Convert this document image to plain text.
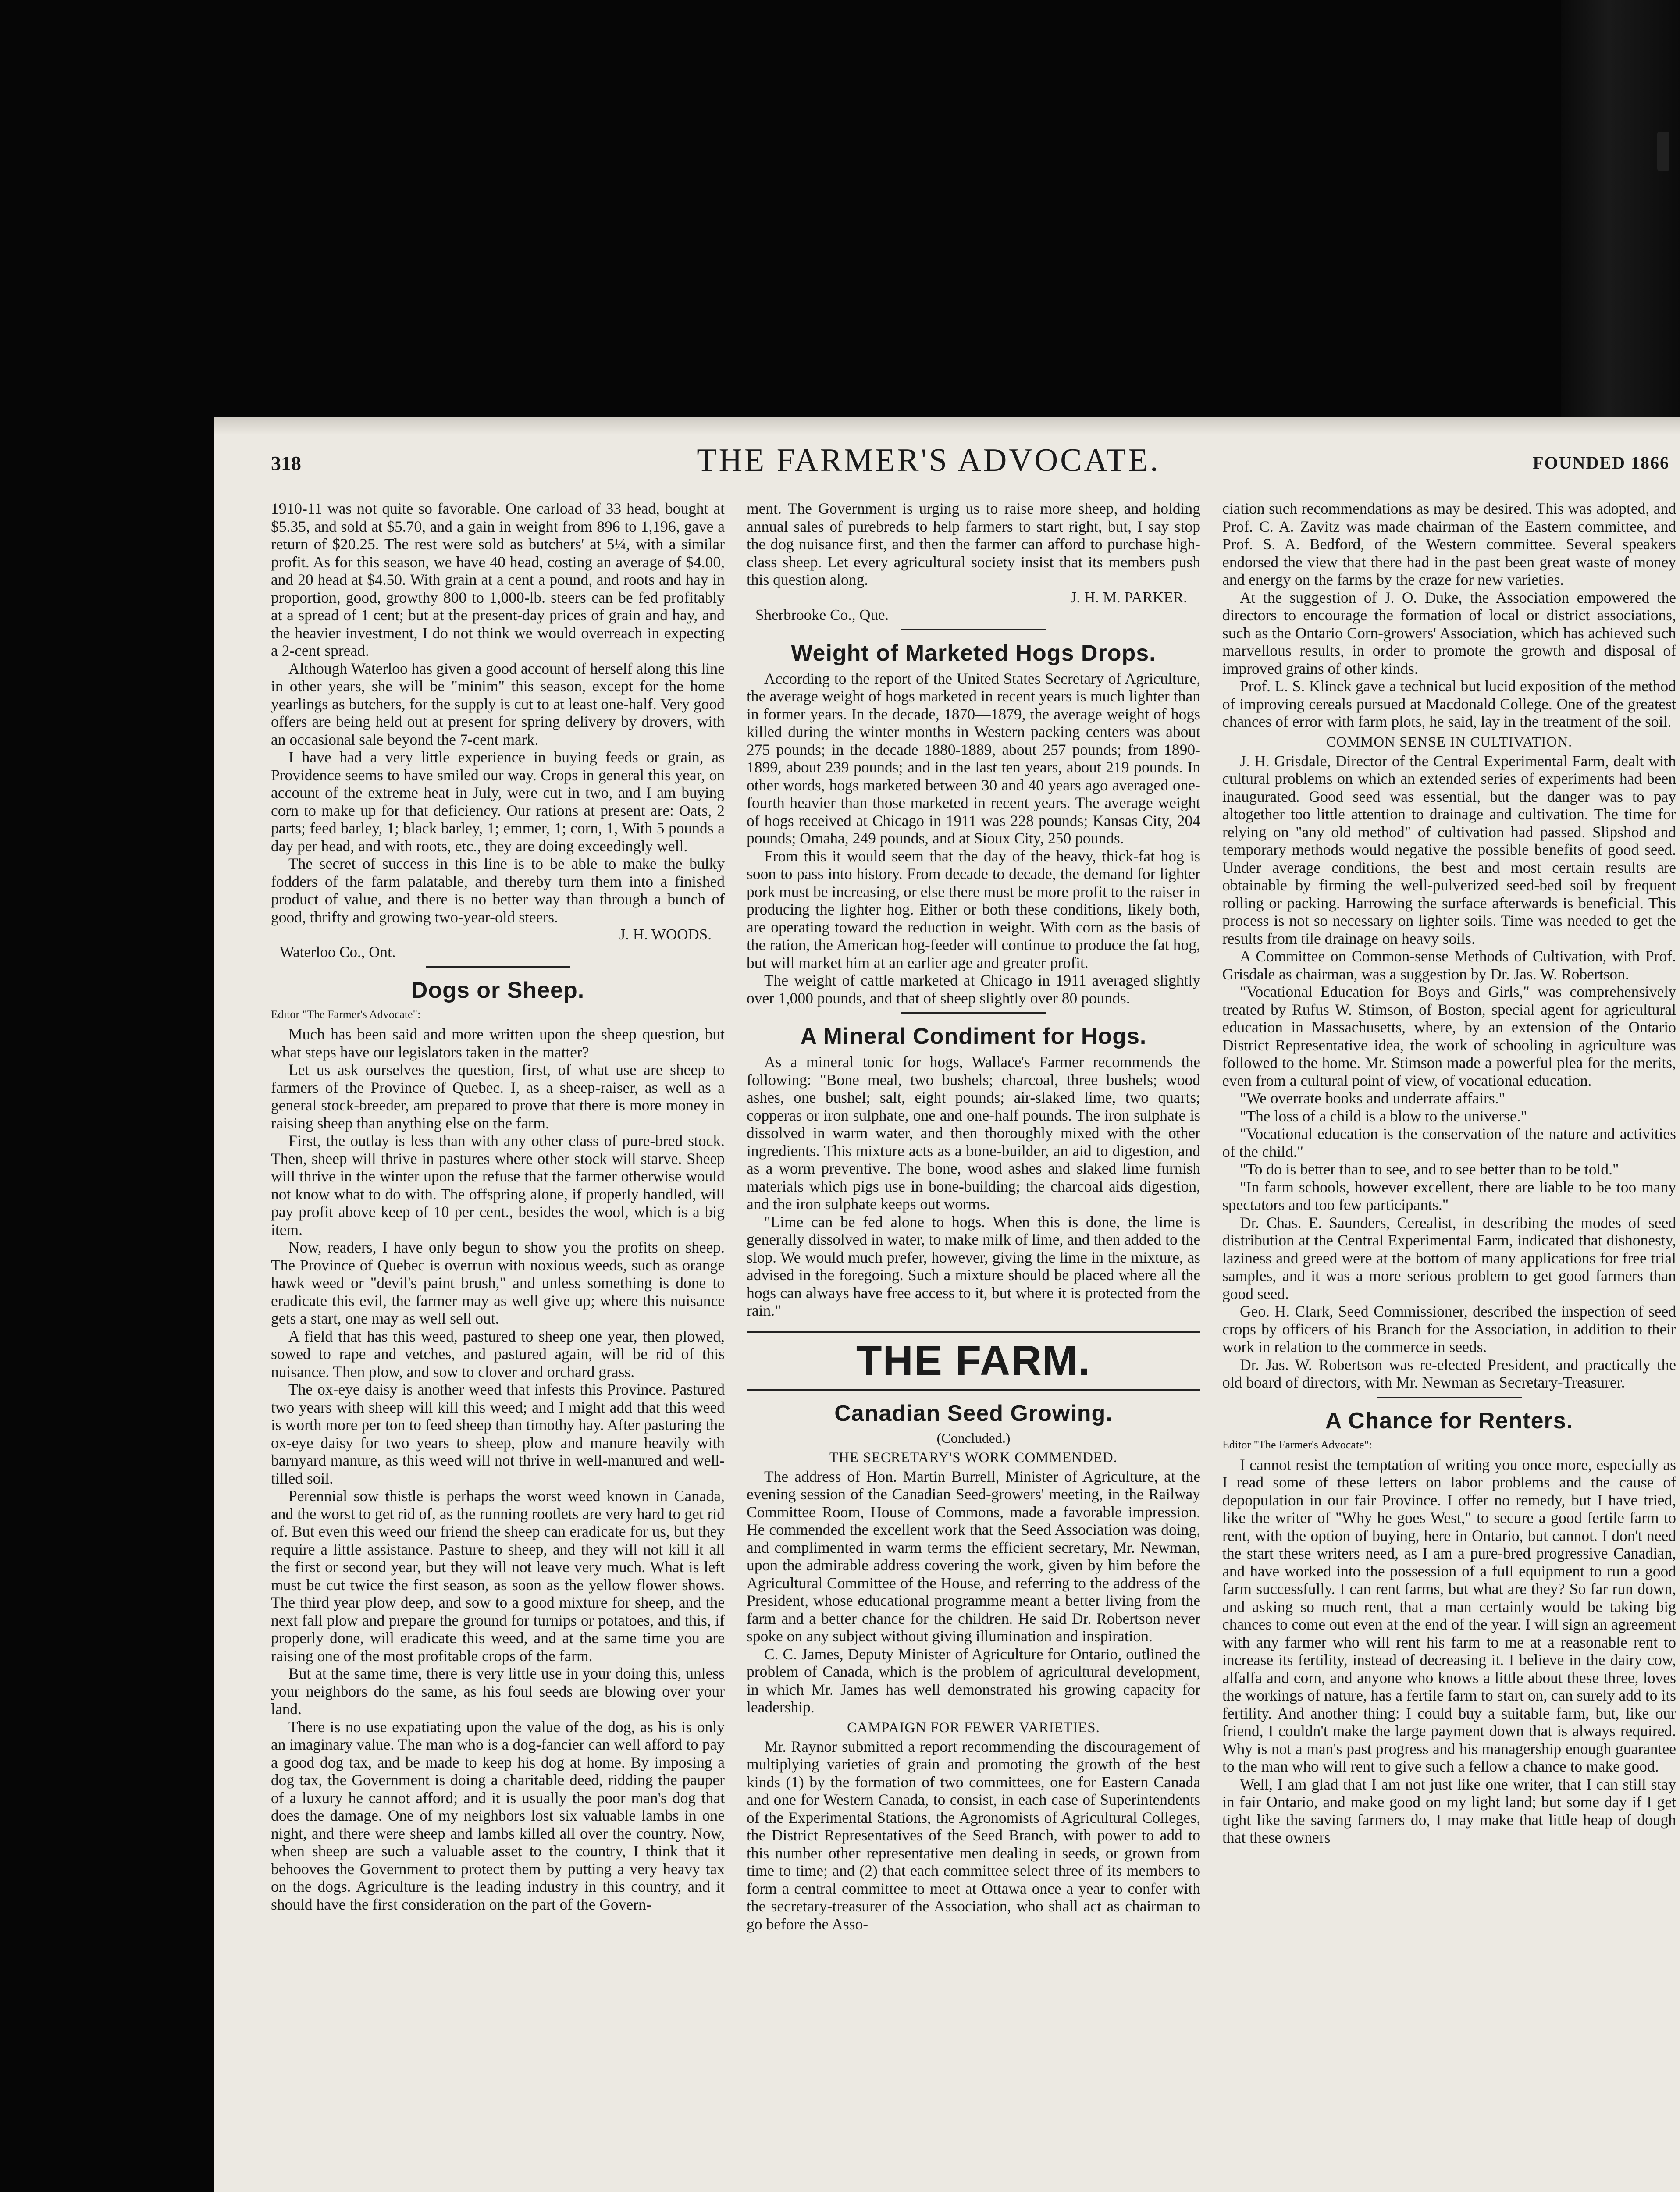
318	THE FARMER'S ADVOCATE.	FOUNDED 1866

1910-11 was not quite so favorable. One carload of 33 head, bought at $5.35, and sold at $5.70, and a gain in weight from 896 to 1,196, gave a return of $20.25. The rest were sold as butchers' at 5¼, with a similar profit. As for this season, we have 40 head, costing an average of $4.00, and 20 head at $4.50. With grain at a cent a pound, and roots and hay in proportion, good, growthy 800 to 1,000-lb. steers can be fed profitably at a spread of 1 cent; but at the present-day prices of grain and hay, and the heavier investment, I do not think we would overreach in expecting a 2-cent spread.

Although Waterloo has given a good account of herself along this line in other years, she will be "minim" this season, except for the home yearlings as butchers, for the supply is cut to at least one-half. Very good offers are being held out at present for spring delivery by drovers, with an occasional sale beyond the 7-cent mark.

I have had a very little experience in buying feeds or grain, as Providence seems to have smiled our way. Crops in general this year, on account of the extreme heat in July, were cut in two, and I am buying corn to make up for that deficiency. Our rations at present are: Oats, 2 parts; feed barley, 1; black barley, 1; emmer, 1; corn, 1, With 5 pounds a day per head, and with roots, etc., they are doing exceedingly well.

The secret of success in this line is to be able to make the bulky fodders of the farm palatable, and thereby turn them into a finished product of value, and there is no better way than through a bunch of good, thrifty and growing two-year-old steers.

J. H. WOODS.
Waterloo Co., Ont.
Dogs or Sheep.
Editor "The Farmer's Advocate":

Much has been said and more written upon the sheep question, but what steps have our legislators taken in the matter?

Let us ask ourselves the question, first, of what use are sheep to farmers of the Province of Quebec. I, as a sheep-raiser, as well as a general stock-breeder, am prepared to prove that there is more money in raising sheep than anything else on the farm.

First, the outlay is less than with any other class of pure-bred stock. Then, sheep will thrive in pastures where other stock will starve. Sheep will thrive in the winter upon the refuse that the farmer otherwise would not know what to do with. The offspring alone, if properly handled, will pay profit above keep of 10 per cent., besides the wool, which is a big item.

Now, readers, I have only begun to show you the profits on sheep. The Province of Quebec is overrun with noxious weeds, such as orange hawk weed or "devil's paint brush," and unless something is done to eradicate this evil, the farmer may as well give up; where this nuisance gets a start, one may as well sell out.

A field that has this weed, pastured to sheep one year, then plowed, sowed to rape and vetches, and pastured again, will be rid of this nuisance. Then plow, and sow to clover and orchard grass.

The ox-eye daisy is another weed that infests this Province. Pastured two years with sheep will kill this weed; and I might add that this weed is worth more per ton to feed sheep than timothy hay. After pasturing the ox-eye daisy for two years to sheep, plow and manure heavily with barnyard manure, as this weed will not thrive in well-manured and well-tilled soil.

Perennial sow thistle is perhaps the worst weed known in Canada, and the worst to get rid of, as the running rootlets are very hard to get rid of. But even this weed our friend the sheep can eradicate for us, but they require a little assistance. Pasture to sheep, and they will not kill it all the first or second year, but they will not leave very much. What is left must be cut twice the first season, as soon as the yellow flower shows. The third year plow deep, and sow to a good mixture for sheep, and the next fall plow and prepare the ground for turnips or potatoes, and this, if properly done, will eradicate this weed, and at the same time you are raising one of the most profitable crops of the farm.

But at the same time, there is very little use in your doing this, unless your neighbors do the same, as his foul seeds are blowing over your land.

There is no use expatiating upon the value of the dog, as his is only an imaginary value. The man who is a dog-fancier can well afford to pay a good dog tax, and be made to keep his dog at home. By imposing a dog tax, the Government is doing a charitable deed, ridding the pauper of a luxury he cannot afford; and it is usually the poor man's dog that does the damage. One of my neighbors lost six valuable lambs in one night, and there were sheep and lambs killed all over the country. Now, when sheep are such a valuable asset to the country, I think that it behooves the Government to protect them by putting a very heavy tax on the dogs. Agriculture is the leading industry in this country, and it should have the first consideration on the part of the Govern-

ment. The Government is urging us to raise more sheep, and holding annual sales of purebreds to help farmers to start right, but, I say stop the dog nuisance first, and then the farmer can afford to purchase high-class sheep. Let every agricultural society insist that its members push this question along.

J. H. M. PARKER.
Sherbrooke Co., Que.
Weight of Marketed Hogs Drops.

According to the report of the United States Secretary of Agriculture, the average weight of hogs marketed in recent years is much lighter than in former years. In the decade, 1870—1879, the average weight of hogs killed during the winter months in Western packing centers was about 275 pounds; in the decade 1880-1889, about 257 pounds; from 1890-1899, about 239 pounds; and in the last ten years, about 219 pounds. In other words, hogs marketed between 30 and 40 years ago averaged one-fourth heavier than those marketed in recent years. The average weight of hogs received at Chicago in 1911 was 228 pounds; Kansas City, 204 pounds; Omaha, 249 pounds, and at Sioux City, 250 pounds.

From this it would seem that the day of the heavy, thick-fat hog is soon to pass into history. From decade to decade, the demand for lighter pork must be increasing, or else there must be more profit to the raiser in producing the lighter hog. Either or both these conditions, likely both, are operating toward the reduction in weight. With corn as the basis of the ration, the American hog-feeder will continue to produce the fat hog, but will market him at an earlier age and greater profit.

The weight of cattle marketed at Chicago in 1911 averaged slightly over 1,000 pounds, and that of sheep slightly over 80 pounds.

A Mineral Condiment for Hogs.

As a mineral tonic for hogs, Wallace's Farmer recommends the following: "Bone meal, two bushels; charcoal, three bushels; wood ashes, one bushel; salt, eight pounds; air-slaked lime, two quarts; copperas or iron sulphate, one and one-half pounds. The iron sulphate is dissolved in warm water, and then thoroughly mixed with the other ingredients. This mixture acts as a bone-builder, an aid to digestion, and as a worm preventive. The bone, wood ashes and slaked lime furnish materials which pigs use in bone-building; the charcoal aids digestion, and the iron sulphate keeps out worms.

"Lime can be fed alone to hogs. When this is done, the lime is generally dissolved in water, to make milk of lime, and then added to the slop. We would much prefer, however, giving the lime in the mixture, as advised in the foregoing. Such a mixture should be placed where all the hogs can always have free access to it, but where it is protected from the rain."

THE FARM.
Canadian Seed Growing.
(Concluded.)
THE SECRETARY'S WORK COMMENDED.

The address of Hon. Martin Burrell, Minister of Agriculture, at the evening session of the Canadian Seed-growers' meeting, in the Railway Committee Room, House of Commons, made a favorable impression. He commended the excellent work that the Seed Association was doing, and complimented in warm terms the efficient secretary, Mr. Newman, upon the admirable address covering the work, given by him before the Agricultural Committee of the House, and referring to the address of the President, whose educational programme meant a better living from the farm and a better chance for the children. He said Dr. Robertson never spoke on any subject without giving illumination and inspiration.

C. C. James, Deputy Minister of Agriculture for Ontario, outlined the problem of Canada, which is the problem of agricultural development, in which Mr. James has well demonstrated his growing capacity for leadership.

CAMPAIGN FOR FEWER VARIETIES.

Mr. Raynor submitted a report recommending the discouragement of multiplying varieties of grain and promoting the growth of the best kinds (1) by the formation of two committees, one for Eastern Canada and one for Western Canada, to consist, in each case of Superintendents of the Experimental Stations, the Agronomists of Agricultural Colleges, the District Representatives of the Seed Branch, with power to add to this number other representative men dealing in seeds, or grown from time to time; and (2) that each committee select three of its members to form a central committee to meet at Ottawa once a year to confer with the secretary-treasurer of the Association, who shall act as chairman to go before the Asso-

ciation such recommendations as may be desired. This was adopted, and Prof. C. A. Zavitz was made chairman of the Eastern committee, and Prof. S. A. Bedford, of the Western committee. Several speakers endorsed the view that there had in the past been great waste of money and energy on the farms by the craze for new varieties.

At the suggestion of J. O. Duke, the Association empowered the directors to encourage the formation of local or district associations, such as the Ontario Corn-growers' Association, which has achieved such marvellous results, in order to promote the growth and disposal of improved grains of other kinds.

Prof. L. S. Klinck gave a technical but lucid exposition of the method of improving cereals pursued at Macdonald College. One of the greatest chances of error with farm plots, he said, lay in the treatment of the soil.

COMMON SENSE IN CULTIVATION.

J. H. Grisdale, Director of the Central Experimental Farm, dealt with cultural problems on which an extended series of experiments had been inaugurated. Good seed was essential, but the danger was to pay altogether too little attention to drainage and cultivation. The time for relying on "any old method" of cultivation had passed. Slipshod and temporary methods would negative the possible benefits of good seed. Under average conditions, the best and most certain results are obtainable by firming the well-pulverized seed-bed soil by frequent rolling or packing. Harrowing the surface afterwards is beneficial. This process is not so necessary on lighter soils. Time was needed to get the results from tile drainage on heavy soils.

A Committee on Common-sense Methods of Cultivation, with Prof. Grisdale as chairman, was a suggestion by Dr. Jas. W. Robertson.

"Vocational Education for Boys and Girls," was comprehensively treated by Rufus W. Stimson, of Boston, special agent for agricultural education in Massachusetts, where, by an extension of the Ontario District Representative idea, the work of schooling in agriculture was followed to the home. Mr. Stimson made a powerful plea for the merits, even from a cultural point of view, of vocational education.

"We overrate books and underrate affairs."

"The loss of a child is a blow to the universe."

"Vocational education is the conservation of the nature and activities of the child."

"To do is better than to see, and to see better than to be told."

"In farm schools, however excellent, there are liable to be too many spectators and too few participants."

Dr. Chas. E. Saunders, Cerealist, in describing the modes of seed distribution at the Central Experimental Farm, indicated that dishonesty, laziness and greed were at the bottom of many applications for free trial samples, and it was a more serious problem to get good farmers than good seed.

Geo. H. Clark, Seed Commissioner, described the inspection of seed crops by officers of his Branch for the Association, in addition to their work in relation to the commerce in seeds.

Dr. Jas. W. Robertson was re-elected President, and practically the old board of directors, with Mr. Newman as Secretary-Treasurer.

A Chance for Renters.
Editor "The Farmer's Advocate":

I cannot resist the temptation of writing you once more, especially as I read some of these letters on labor problems and the cause of depopulation in our fair Province. I offer no remedy, but I have tried, like the writer of "Why he goes West," to secure a good fertile farm to rent, with the option of buying, here in Ontario, but cannot. I don't need the start these writers need, as I am a pure-bred progressive Canadian, and have worked into the possession of a full equipment to run a good farm successfully. I can rent farms, but what are they? So far run down, and asking so much rent, that a man certainly would be taking big chances to come out even at the end of the year. I will sign an agreement with any farmer who will rent his farm to me at a reasonable rent to increase its fertility, instead of decreasing it. I believe in the dairy cow, alfalfa and corn, and anyone who knows a little about these three, loves the workings of nature, has a fertile farm to start on, can surely add to its fertility. And another thing: I could buy a suitable farm, but, like our friend, I couldn't make the large payment down that is always required. Why is not a man's past progress and his managership enough guarantee to the man who will rent to give such a fellow a chance to make good.

Well, I am glad that I am not just like one writer, that I can still stay in fair Ontario, and make good on my light land; but some day if I get tight like the saving farmers do, I may make that little heap of dough that these owners
